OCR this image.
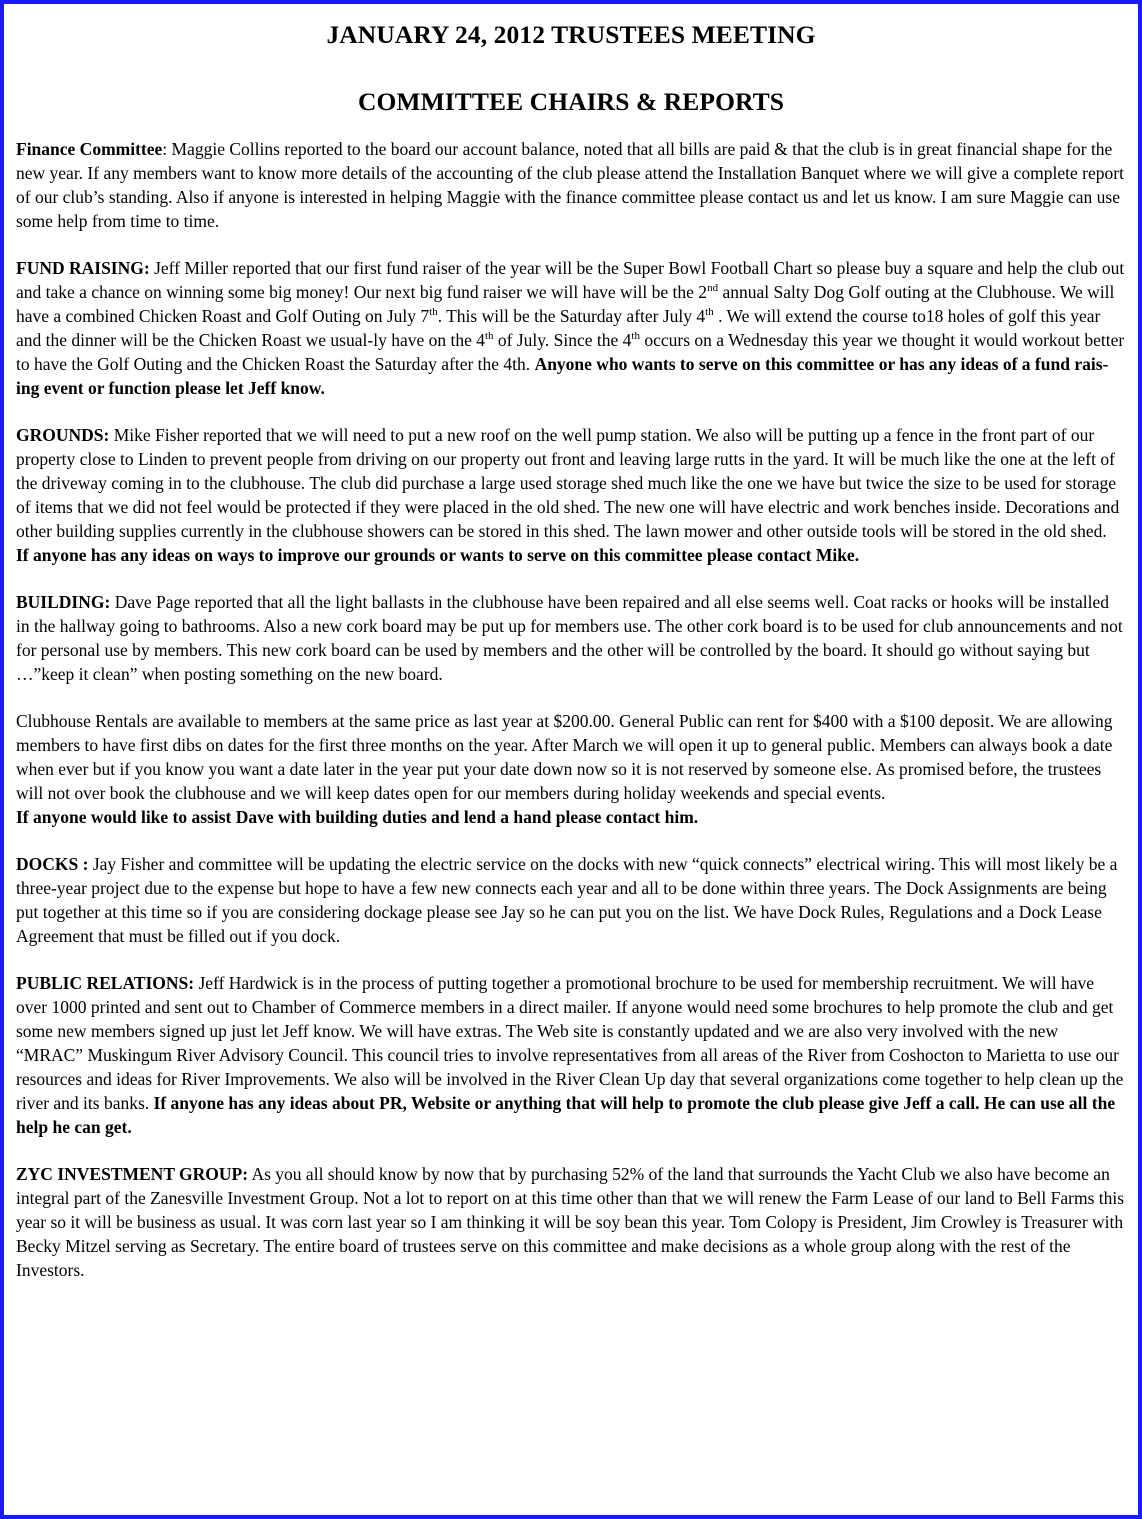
JANUARY 24, 2012 TRUSTEES MEETING
COMMITTEE CHAIRS & REPORTS

Finance Committee: Maggie Collins reported to the board our account balance, noted that all bills are paid & that the club is in great financial shape for the new year. If any members want to know more details of the accounting of the club please attend the Installation Banquet where we will give a complete report of our club’s standing. Also if anyone is interested in helping Maggie with the finance committee please contact us and let us know. I am sure Maggie can use some help from time to time.

FUND RAISING: Jeff Miller reported that our first fund raiser of the year will be the Super Bowl Football Chart so please buy a square and help the club out and take a chance on winning some big money! Our next big fund raiser we will have will be the 2nd annual Salty Dog Golf outing at the Clubhouse. We will have a combined Chicken Roast and Golf Outing on July 7th. This will be the Saturday after July 4th . We will extend the course to18 holes of golf this year and the dinner will be the Chicken Roast we usual-ly have on the 4th of July. Since the 4th occurs on a Wednesday this year we thought it would workout better to have the Golf Outing and the Chicken Roast the Saturday after the 4th. Anyone who wants to serve on this committee or has any ideas of a fund rais-ing event or function please let Jeff know.

GROUNDS: Mike Fisher reported that we will need to put a new roof on the well pump station. We also will be putting up a fence in the front part of our property close to Linden to prevent people from driving on our property out front and leaving large rutts in the yard. It will be much like the one at the left of the driveway coming in to the clubhouse. The club did purchase a large used storage shed much like the one we have but twice the size to be used for storage of items that we did not feel would be protected if they were placed in the old shed. The new one will have electric and work benches inside. Decorations and other building supplies currently in the clubhouse showers can be stored in this shed. The lawn mower and other outside tools will be stored in the old shed.
If anyone has any ideas on ways to improve our grounds or wants to serve on this committee please contact Mike.

BUILDING: Dave Page reported that all the light ballasts in the clubhouse have been repaired and all else seems well. Coat racks or hooks will be installed in the hallway going to bathrooms. Also a new cork board may be put up for members use. The other cork board is to be used for club announcements and not for personal use by members. This new cork board can be used by members and the other will be controlled by the board. It should go without saying but …”keep it clean” when posting something on the new board.

Clubhouse Rentals are available to members at the same price as last year at $200.00. General Public can rent for $400 with a $100 deposit. We are allowing members to have first dibs on dates for the first three months on the year. After March we will open it up to general public. Members can always book a date when ever but if you know you want a date later in the year put your date down now so it is not reserved by someone else. As promised before, the trustees will not over book the clubhouse and we will keep dates open for our members during holiday weekends and special events.
If anyone would like to assist Dave with building duties and lend a hand please contact him.

DOCKS : Jay Fisher and committee will be updating the electric service on the docks with new “quick connects” electrical wiring. This will most likely be a three-year project due to the expense but hope to have a few new connects each year and all to be done within three years. The Dock Assignments are being put together at this time so if you are considering dockage please see Jay so he can put you on the list. We have Dock Rules, Regulations and a Dock Lease Agreement that must be filled out if you dock.

PUBLIC RELATIONS: Jeff Hardwick is in the process of putting together a promotional brochure to be used for membership recruitment. We will have over 1000 printed and sent out to Chamber of Commerce members in a direct mailer. If anyone would need some brochures to help promote the club and get some new members signed up just let Jeff know. We will have extras. The Web site is constantly updated and we are also very involved with the new “MRAC” Muskingum River Advisory Council. This council tries to involve representatives from all areas of the River from Coshocton to Marietta to use our resources and ideas for River Improvements. We also will be involved in the River Clean Up day that several organizations come together to help clean up the river and its banks. If anyone has any ideas about PR, Website or anything that will help to promote the club please give Jeff a call. He can use all the help he can get.

ZYC INVESTMENT GROUP: As you all should know by now that by purchasing 52% of the land that surrounds the Yacht Club we also have become an integral part of the Zanesville Investment Group. Not a lot to report on at this time other than that we will renew the Farm Lease of our land to Bell Farms this year so it will be business as usual. It was corn last year so I am thinking it will be soy bean this year. Tom Colopy is President, Jim Crowley is Treasurer with Becky Mitzel serving as Secretary. The entire board of trustees serve on this committee and make decisions as a whole group along with the rest of the Investors.
